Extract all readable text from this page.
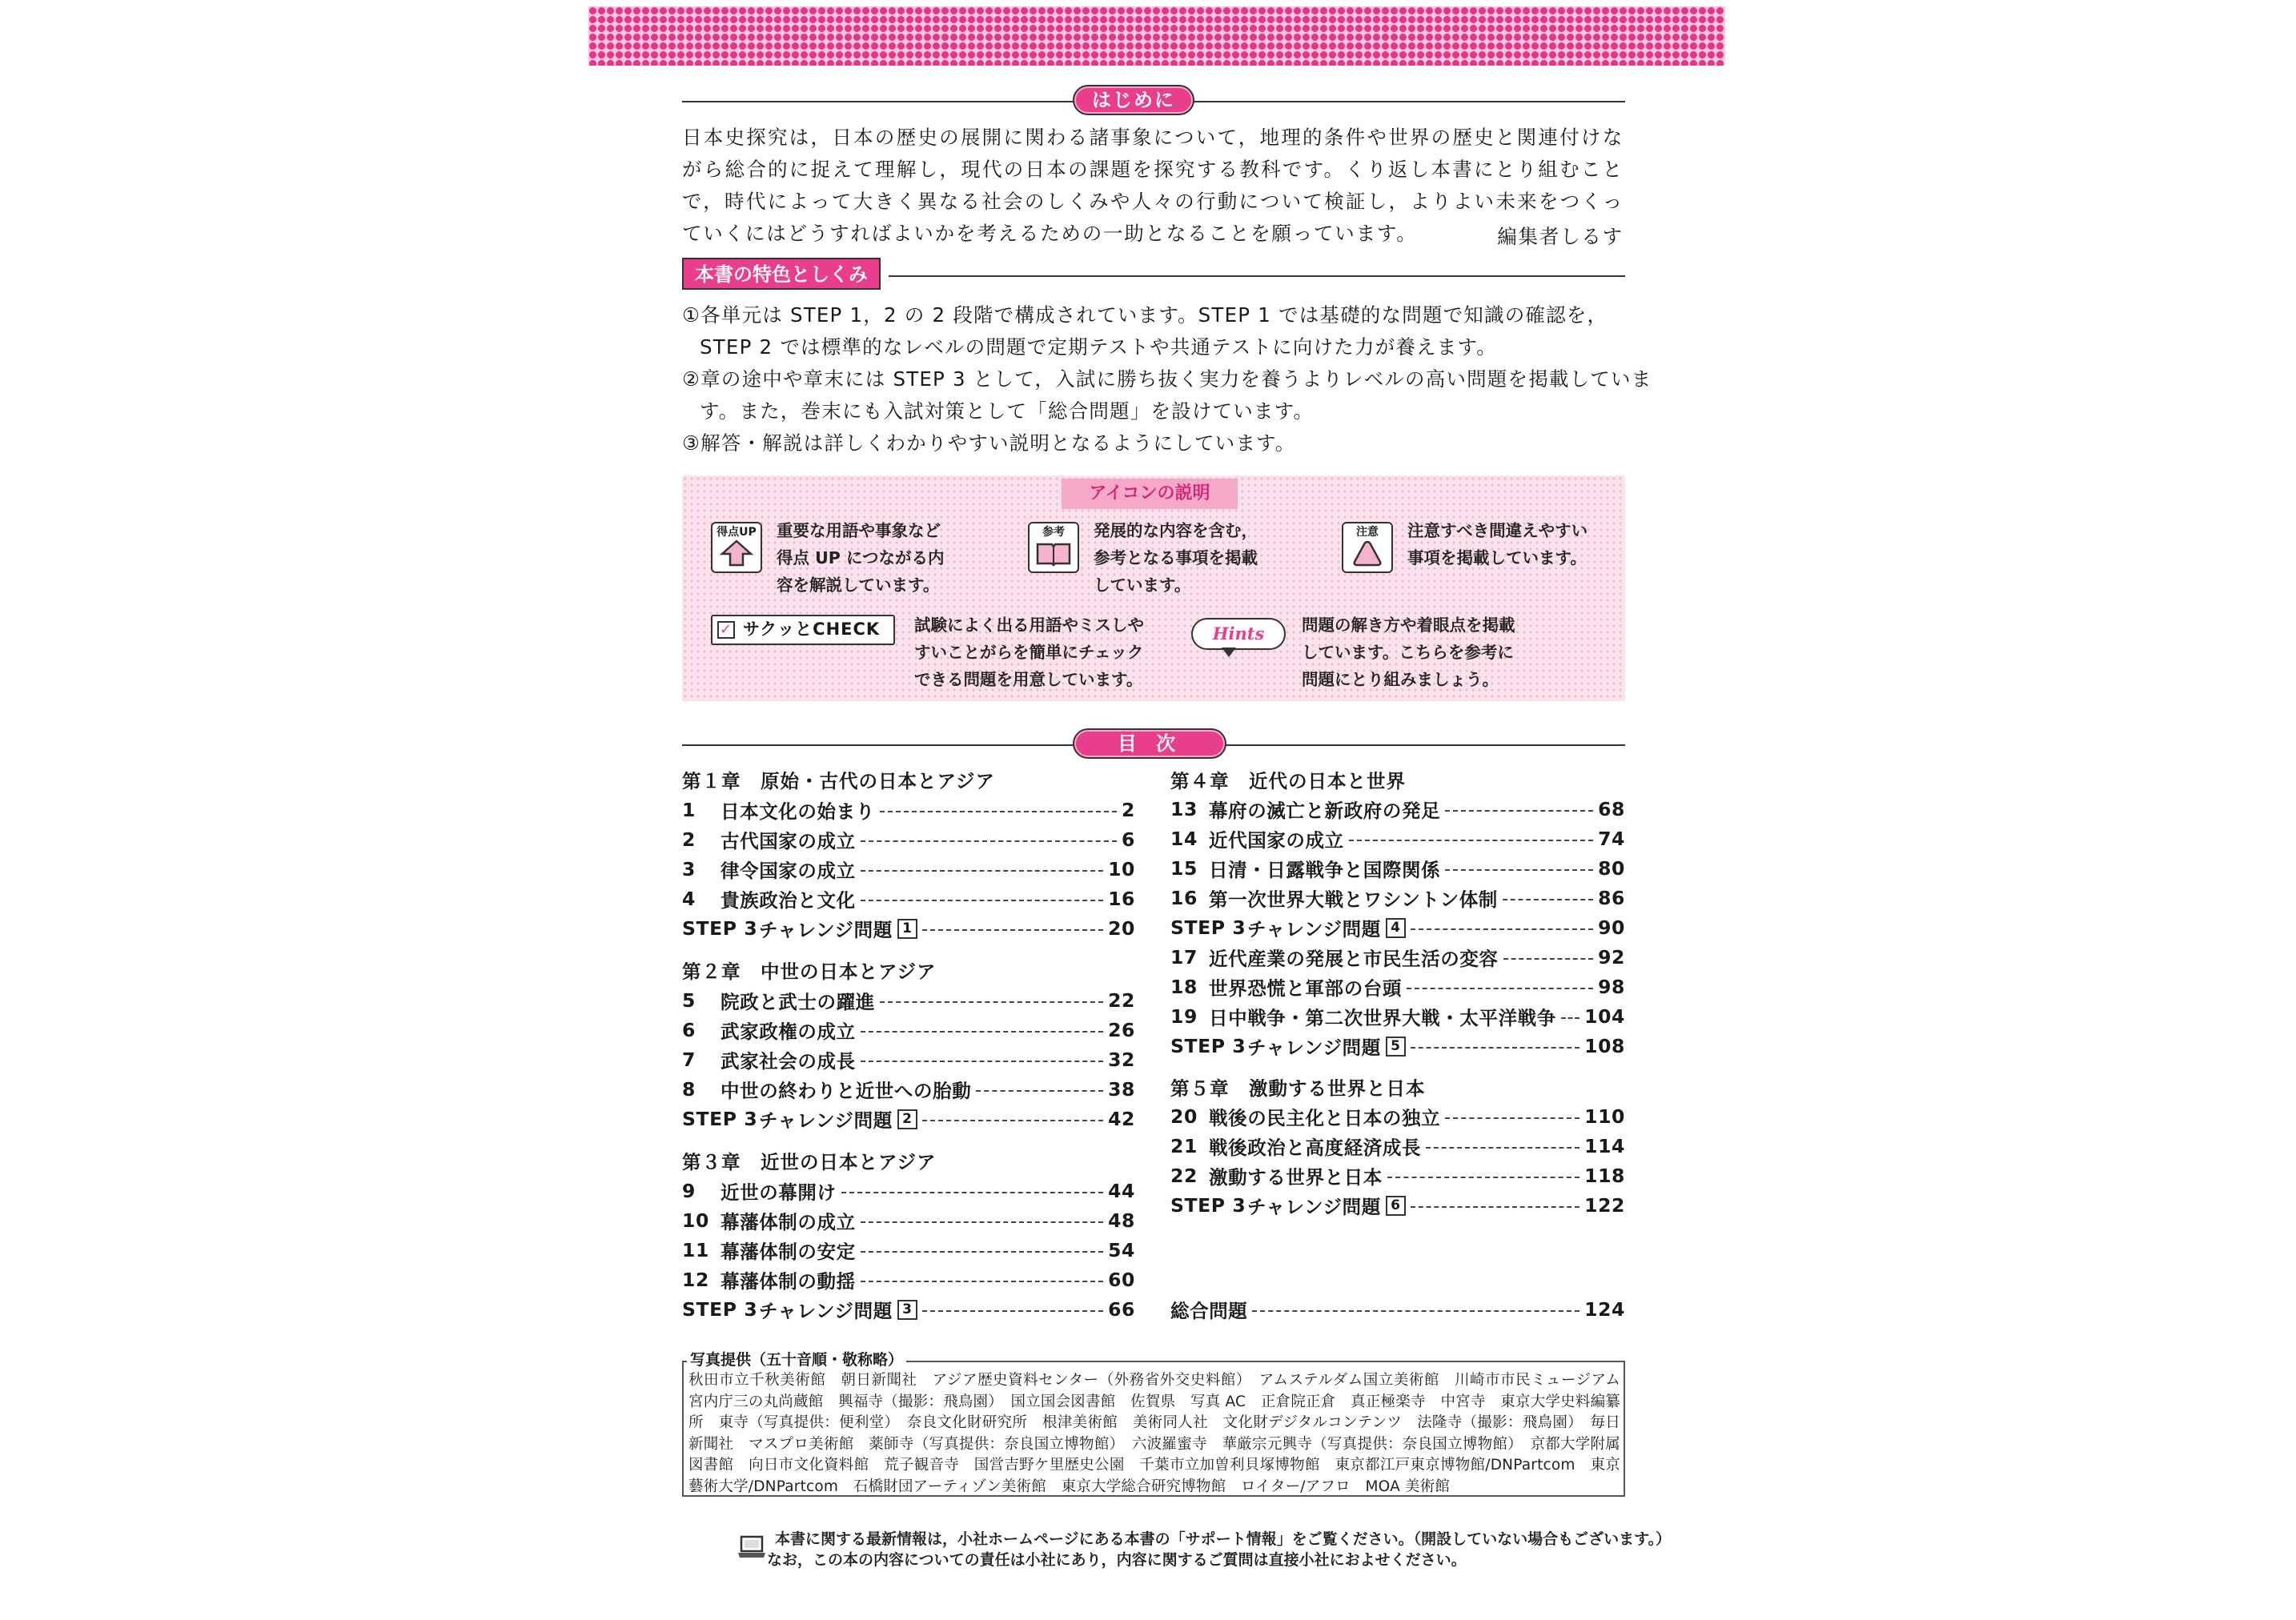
はじめに

日本史探究は，日本の歴史の展開に関わる諸事象について，地理的条件や世界の歴史と関連付けながら総合的に捉えて理解し，現代の日本の課題を探究する教科です。くり返し本書にとり組むことで，時代によって大きく異なる社会のしくみや人々の行動について検証し，よりよい未来をつくっていくにはどうすればよいかを考えるための一助となることを願っています。	編集者しるす
本書の特色としくみ
①各単元は STEP 1，2 の 2 段階で構成されています。STEP 1 では基礎的な問題で知識の確認を，
STEP 2 では標準的なレベルの問題で定期テストや共通テストに向けた力が養えます。
②章の途中や章末には STEP 3 として，入試に勝ち抜く実力を養うよりレベルの高い問題を掲載していま
す。また，巻末にも入試対策として「総合問題」を設けています。
③解答・解説は詳しくわかりやすい説明となるようにしています。
アイコンの説明
得点UP 重要な用語や事象など
得点 UP につながる内
容を解説しています。
参考	発展的な内容を含む，
参考となる事項を掲載
しています。
注意	注意すべき間違えやすい
事項を掲載しています。
✓ サクッとCHECK	試験によく出る用語やミスしや
すいことがらを簡単にチェック
できる問題を用意しています。
Hints	問題の解き方や着眼点を掲載
しています。こちらを参考に
問題にとり組みましょう。
目 次
第１章　原始・古代の日本とアジア
1	日本文化の始まり	2
2	古代国家の成立	6
3	律令国家の成立	10
4	貴族政治と文化	16
STEP 3 チャレンジ問題 1	20
第２章　中世の日本とアジア
5	院政と武士の躍進	22
6	武家政権の成立	26
7	武家社会の成長	32
8	中世の終わりと近世への胎動	38
STEP 3 チャレンジ問題 2	42
第３章　近世の日本とアジア
9	近世の幕開け	44
10 幕藩体制の成立	48
11 幕藩体制の安定	54
12 幕藩体制の動揺	60
STEP 3 チャレンジ問題 3	66
第４章　近代の日本と世界
13 幕府の滅亡と新政府の発足	68
14 近代国家の成立	74
15 日清・日露戦争と国際関係	80
16 第一次世界大戦とワシントン体制	86
STEP 3 チャレンジ問題 4	90
17 近代産業の発展と市民生活の変容	92
18 世界恐慌と軍部の台頭	98
19 日中戦争・第二次世界大戦・太平洋戦争 104
STEP 3 チャレンジ問題 5	108
第５章　激動する世界と日本
20 戦後の民主化と日本の独立	110
21 戦後政治と高度経済成長	114
22 激動する世界と日本	118
STEP 3 チャレンジ問題 6	122
総合問題	124
写真提供（五十音順・敬称略）

秋田市立千秋美術館　朝日新聞社　アジア歴史資料センター（外務省外交史料館）　アムステルダム国立美術館　川崎市市民ミュージアム　宮内庁三の丸尚蔵館　興福寺（撮影：飛鳥園）　国立国会図書館　佐賀県　写真 AC　正倉院正倉　真正極楽寺　中宮寺　東京大学史料編纂所　東寺（写真提供：便利堂）　奈良文化財研究所　根津美術館　美術同人社　文化財デジタルコンテンツ　法隆寺（撮影：飛鳥園）　毎日新聞社　マスプロ美術館　薬師寺（写真提供：奈良国立博物館）　六波羅蜜寺　華厳宗元興寺（写真提供：奈良国立博物館）　京都大学附属図書館　向日市文化資料館　荒子観音寺　国営吉野ケ里歴史公園　千葉市立加曽利貝塚博物館　東京都江戸東京博物館/DNPartcom　東京藝術大学/DNPartcom　石橋財団アーティゾン美術館　東京大学総合研究博物館　ロイター/アフロ　MOA 美術館

本書に関する最新情報は，小社ホームページにある本書の「サポート情報」をご覧ください。（開設していない場合もございます。）
なお，この本の内容についての責任は小社にあり，内容に関するご質問は直接小社におよせください。
